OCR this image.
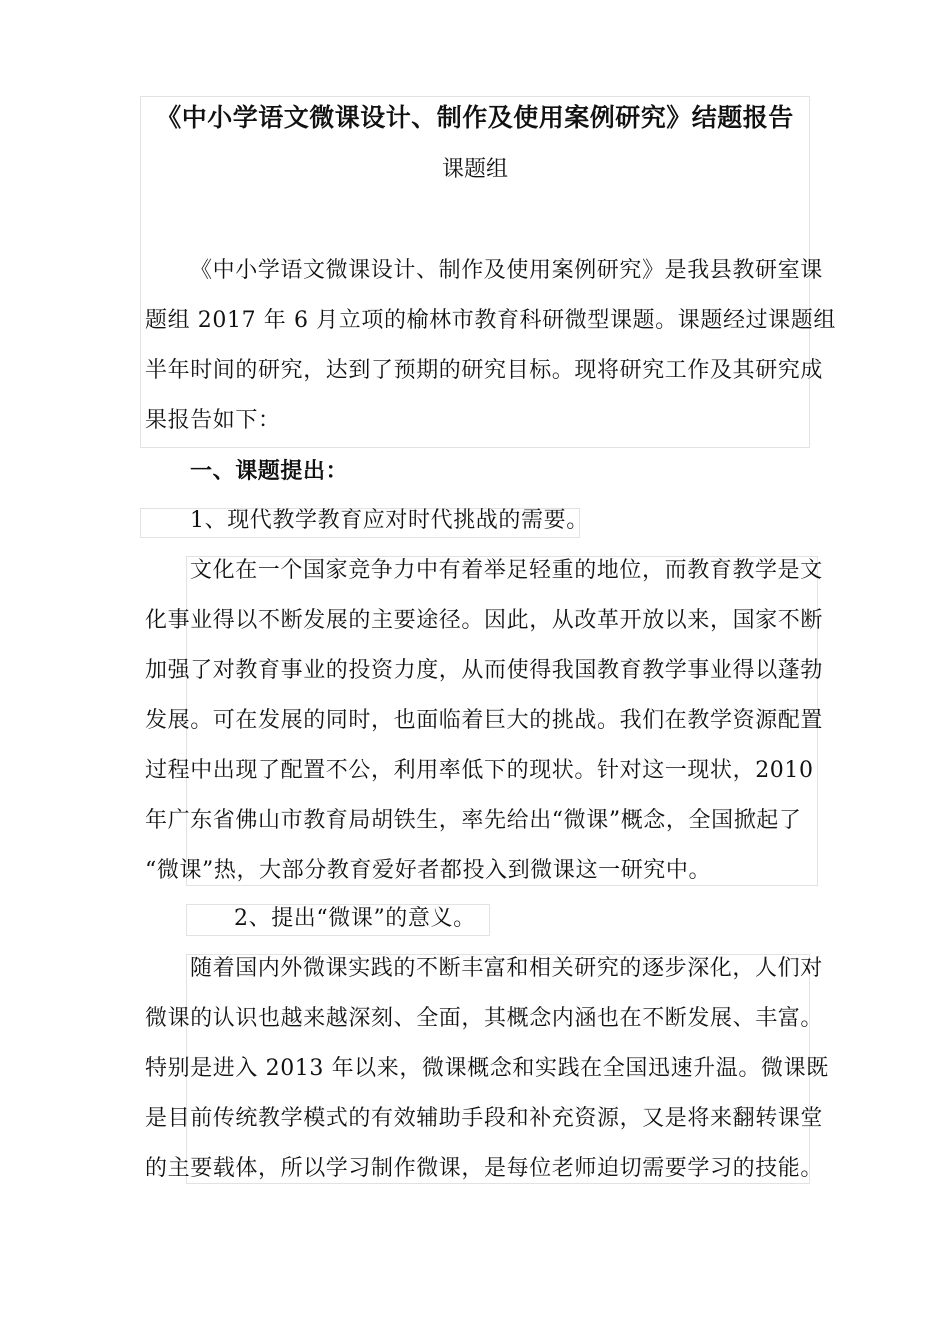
《中小学语文微课设计、制作及使用案例研究》结题报告
课题组
《中小学语文微课设计、制作及使用案例研究》是我县教研室课
题组 2017 年 6 月立项的榆林市教育科研微型课题。课题经过课题组
半年时间的研究，达到了预期的研究目标。现将研究工作及其研究成
果报告如下：
一、课题提出：
1、现代教学教育应对时代挑战的需要。
文化在一个国家竞争力中有着举足轻重的地位，而教育教学是文
化事业得以不断发展的主要途径。因此，从改革开放以来，国家不断
加强了对教育事业的投资力度，从而使得我国教育教学事业得以蓬勃
发展。可在发展的同时，也面临着巨大的挑战。我们在教学资源配置
过程中出现了配置不公，利用率低下的现状。针对这一现状，2010
年广东省佛山市教育局胡铁生，率先给出“微课”概念，全国掀起了
“微课”热，大部分教育爱好者都投入到微课这一研究中。
2、提出“微课”的意义。
随着国内外微课实践的不断丰富和相关研究的逐步深化，人们对
微课的认识也越来越深刻、全面，其概念内涵也在不断发展、丰富。
特别是进入 2013 年以来，微课概念和实践在全国迅速升温。微课既
是目前传统教学模式的有效辅助手段和补充资源，又是将来翻转课堂
的主要载体，所以学习制作微课，是每位老师迫切需要学习的技能。
